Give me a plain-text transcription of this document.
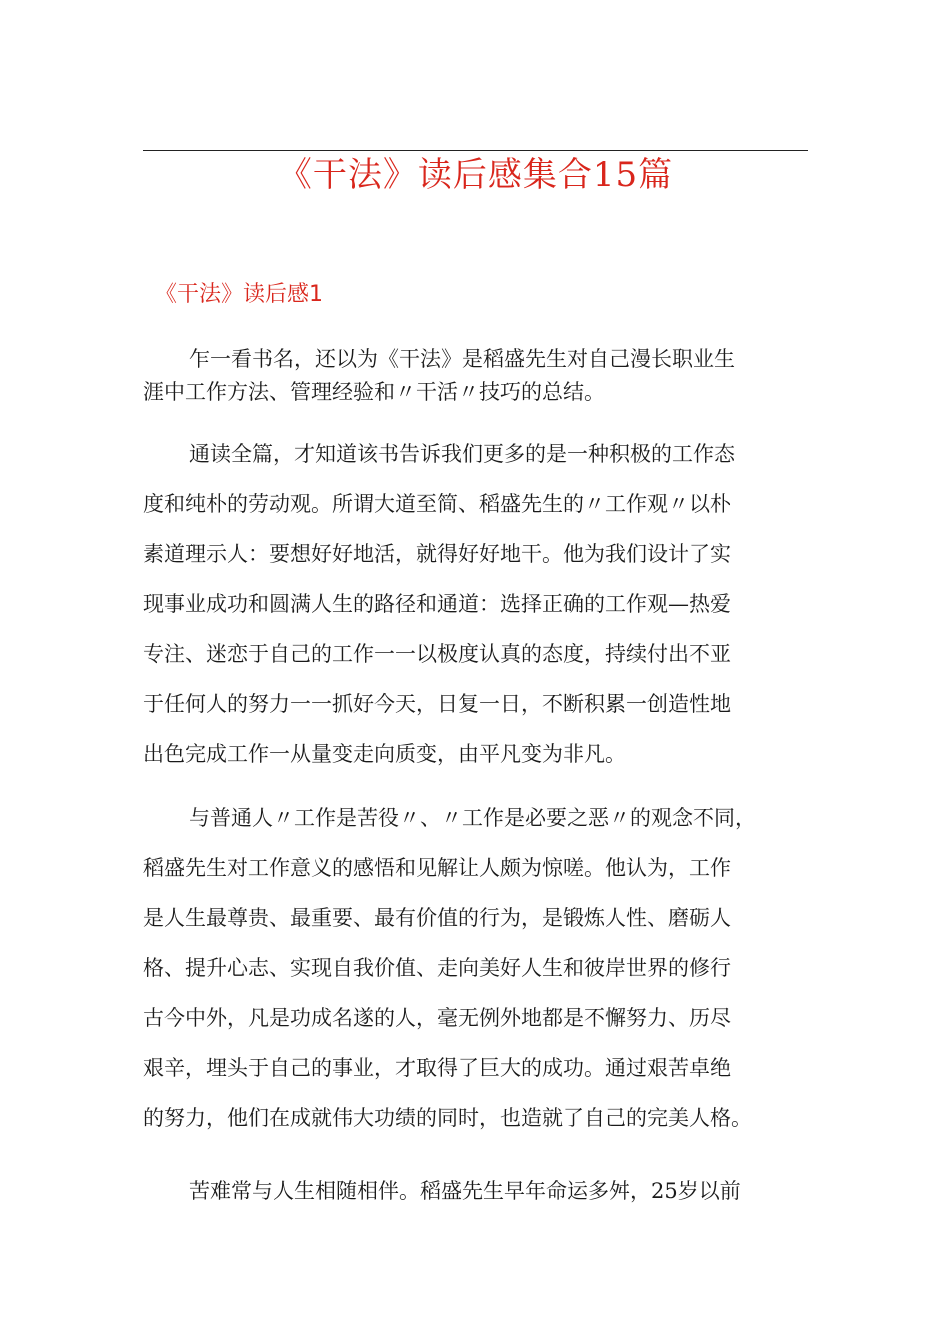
《干法》读后感集合15篇
《干法》读后感1
乍一看书名，还以为《干法》是稻盛先生对自己漫长职业生
涯中工作方法、管理经验和〃干活〃技巧的总结。
通读全篇，才知道该书告诉我们更多的是一种积极的工作态
度和纯朴的劳动观。所谓大道至简、稻盛先生的〃工作观〃以朴
素道理示人：要想好好地活，就得好好地干。他为我们设计了实
现事业成功和圆满人生的路径和通道：选择正确的工作观—热爱
专注、迷恋于自己的工作一一以极度认真的态度，持续付出不亚
于任何人的努力一一抓好今天，日复一日，不断积累一创造性地
出色完成工作一从量变走向质变，由平凡变为非凡。
与普通人〃工作是苦役〃、〃工作是必要之恶〃的观念不同，
稻盛先生对工作意义的感悟和见解让人颇为惊嗟。他认为，工作
是人生最尊贵、最重要、最有价值的行为，是锻炼人性、磨砺人
格、提升心志、实现自我价值、走向美好人生和彼岸世界的修行
古今中外，凡是功成名遂的人，毫无例外地都是不懈努力、历尽
艰辛，埋头于自己的事业，才取得了巨大的成功。通过艰苦卓绝
的努力，他们在成就伟大功绩的同时，也造就了自己的完美人格。
苦难常与人生相随相伴。稻盛先生早年命运多舛，25岁以前
